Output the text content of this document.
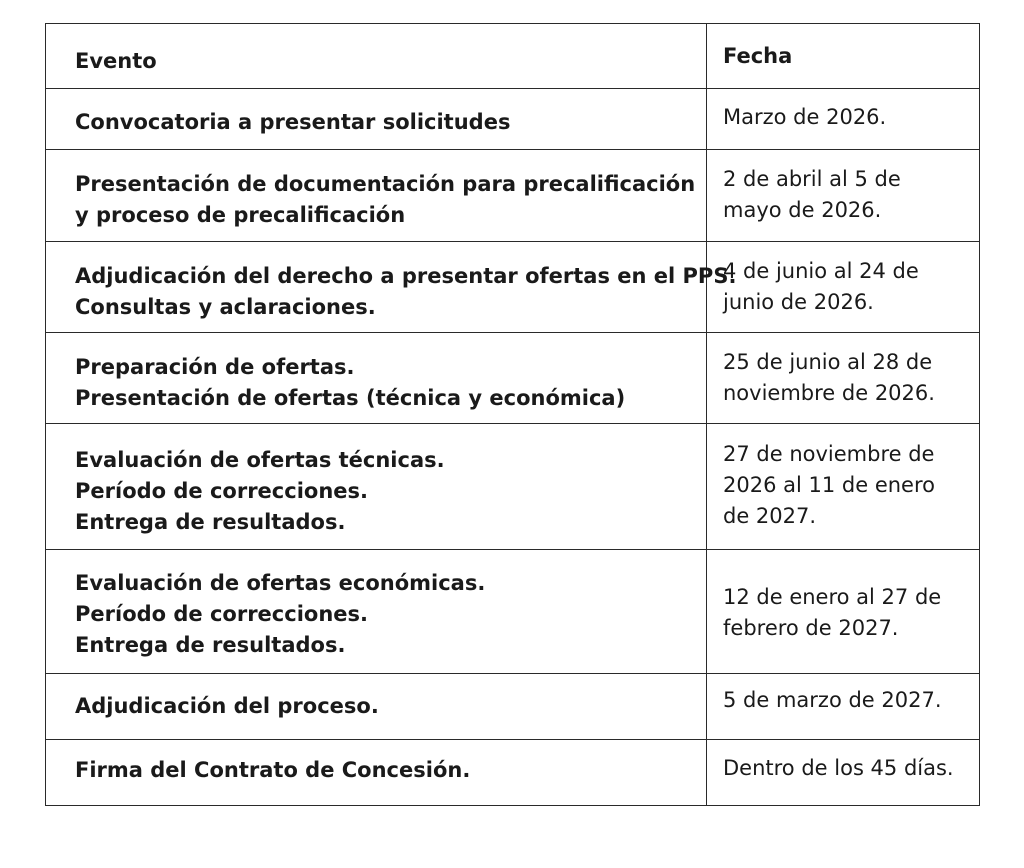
Evento	Fecha

Convocatoria a presentar solicitudes	Marzo de 2026.

Presentación de documentación para precalificación
y proceso de precalificación	2 de abril al 5 de
mayo de 2026.

Adjudicación del derecho a presentar ofertas en el PPS.
Consultas y aclaraciones.	4 de junio al 24 de
junio de 2026.

Preparación de ofertas.
Presentación de ofertas (técnica y económica)	25 de junio al 28 de
noviembre de 2026.

Evaluación de ofertas técnicas.
Período de correcciones.
Entrega de resultados.	27 de noviembre de
2026 al 11 de enero
de 2027.

Evaluación de ofertas económicas.
Período de correcciones.
Entrega de resultados.	12 de enero al 27 de
febrero de 2027.

Adjudicación del proceso.	5 de marzo de 2027.

Firma del Contrato de Concesión.	Dentro de los 45 días.
